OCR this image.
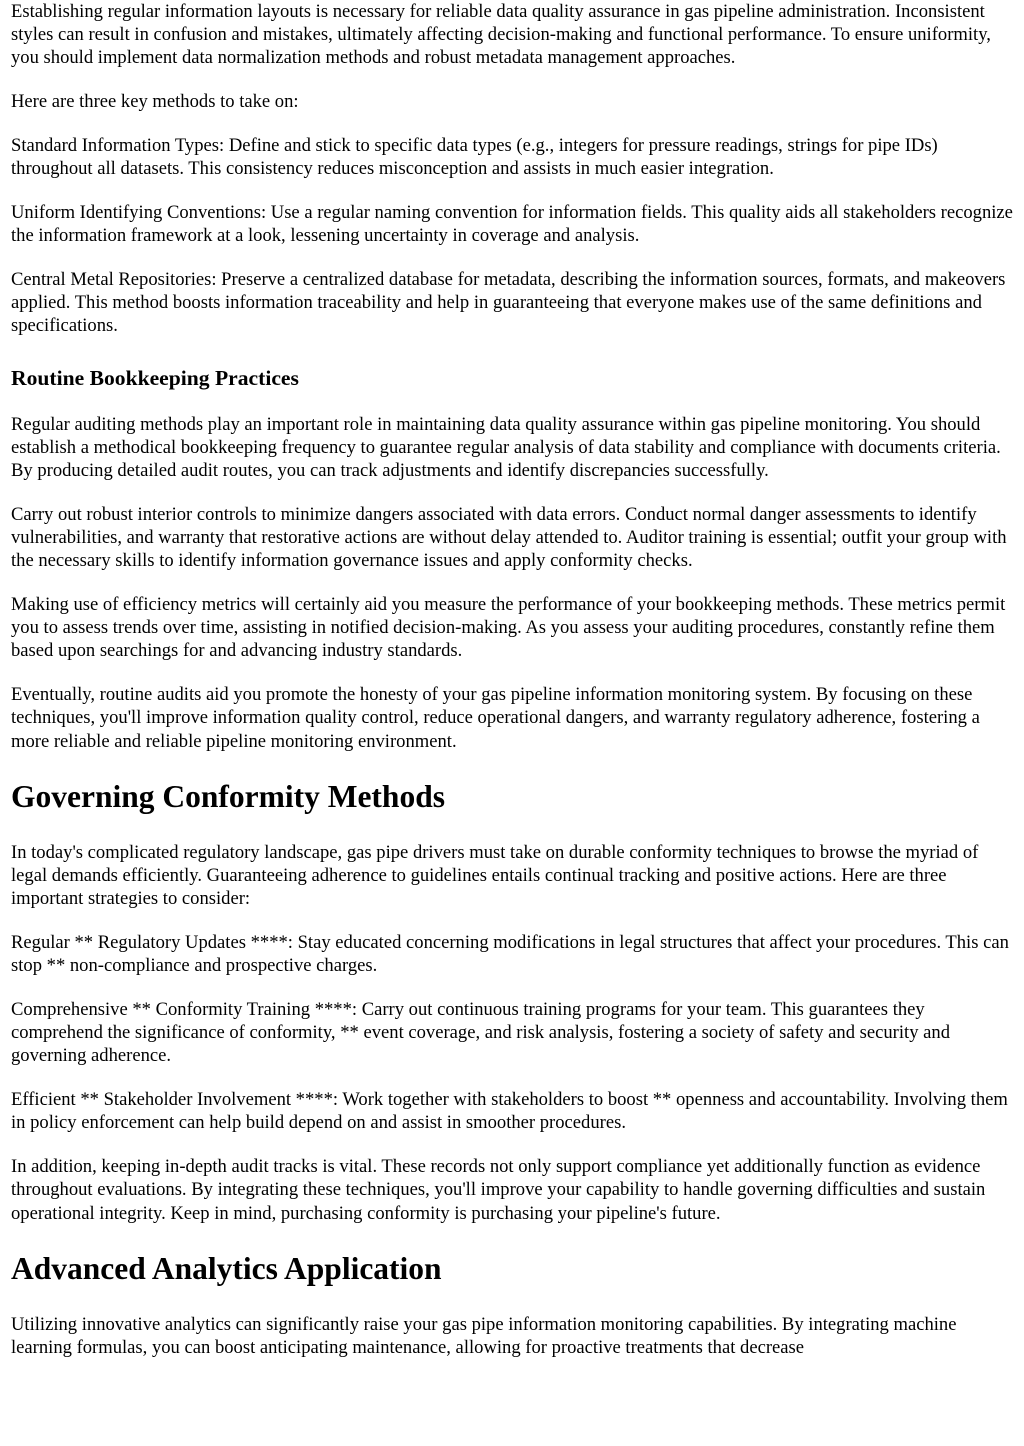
Establishing regular information layouts is necessary for reliable data quality assurance in gas pipeline administration. Inconsistent styles can result in confusion and mistakes, ultimately affecting decision-making and functional performance. To ensure uniformity, you should implement data normalization methods and robust metadata management approaches.

Here are three key methods to take on:

Standard Information Types: Define and stick to specific data types (e.g., integers for pressure readings, strings for pipe IDs) throughout all datasets. This consistency reduces misconception and assists in much easier integration.

Uniform Identifying Conventions: Use a regular naming convention for information fields. This quality aids all stakeholders recognize the information framework at a look, lessening uncertainty in coverage and analysis.

Central Metal Repositories: Preserve a centralized database for metadata, describing the information sources, formats, and makeovers applied. This method boosts information traceability and help in guaranteeing that everyone makes use of the same definitions and specifications.

Routine Bookkeeping Practices

Regular auditing methods play an important role in maintaining data quality assurance within gas pipeline monitoring. You should establish a methodical bookkeeping frequency to guarantee regular analysis of data stability and compliance with documents criteria. By producing detailed audit routes, you can track adjustments and identify discrepancies successfully.

Carry out robust interior controls to minimize dangers associated with data errors. Conduct normal danger assessments to identify vulnerabilities, and warranty that restorative actions are without delay attended to. Auditor training is essential; outfit your group with the necessary skills to identify information governance issues and apply conformity checks.

Making use of efficiency metrics will certainly aid you measure the performance of your bookkeeping methods. These metrics permit you to assess trends over time, assisting in notified decision-making. As you assess your auditing procedures, constantly refine them based upon searchings for and advancing industry standards.

Eventually, routine audits aid you promote the honesty of your gas pipeline information monitoring system. By focusing on these techniques, you'll improve information quality control, reduce operational dangers, and warranty regulatory adherence, fostering a more reliable and reliable pipeline monitoring environment.

Governing Conformity Methods

In today's complicated regulatory landscape, gas pipe drivers must take on durable conformity techniques to browse the myriad of legal demands efficiently. Guaranteeing adherence to guidelines entails continual tracking and positive actions. Here are three important strategies to consider:

Regular ** Regulatory Updates ****: Stay educated concerning modifications in legal structures that affect your procedures. This can stop ** non-compliance and prospective charges.

Comprehensive ** Conformity Training ****: Carry out continuous training programs for your team. This guarantees they comprehend the significance of conformity, ** event coverage, and risk analysis, fostering a society of safety and security and governing adherence.

Efficient ** Stakeholder Involvement ****: Work together with stakeholders to boost ** openness and accountability. Involving them in policy enforcement can help build depend on and assist in smoother procedures.

In addition, keeping in-depth audit tracks is vital. These records not only support compliance yet additionally function as evidence throughout evaluations. By integrating these techniques, you'll improve your capability to handle governing difficulties and sustain operational integrity. Keep in mind, purchasing conformity is purchasing your pipeline's future.

Advanced Analytics Application

Utilizing innovative analytics can significantly raise your gas pipe information monitoring capabilities. By integrating machine learning formulas, you can boost anticipating maintenance, allowing for proactive treatments that decrease
